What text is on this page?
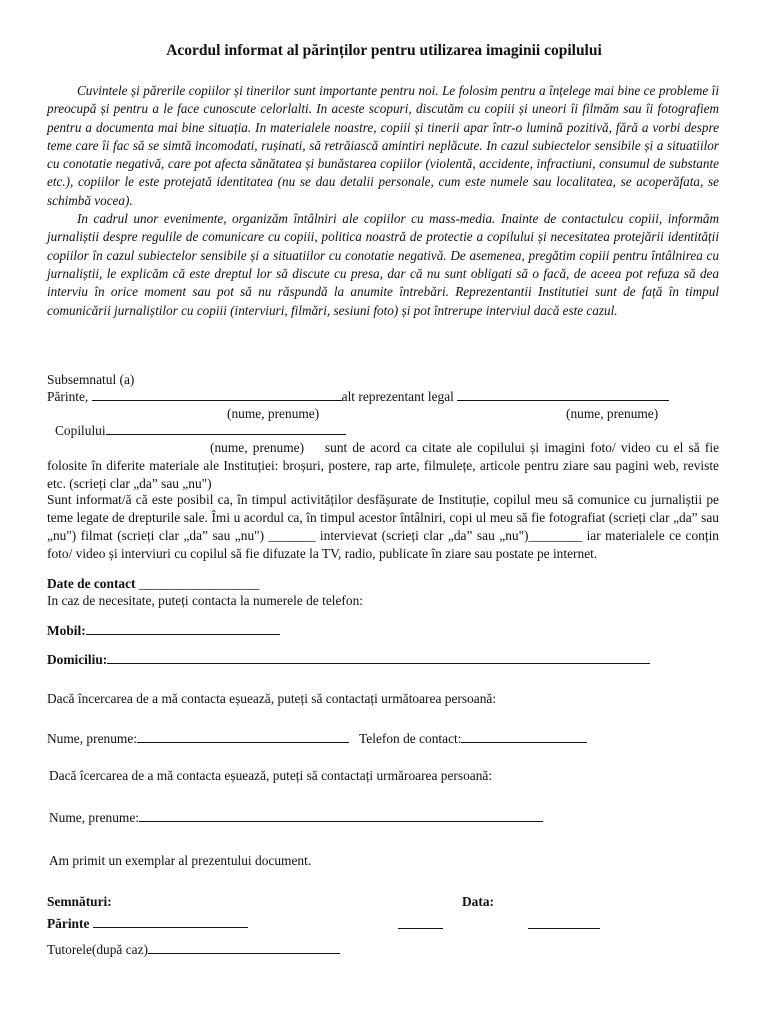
Acordul informat al părinților pentru utilizarea imaginii copilului

Cuvintele și părerile copiilor și tinerilor sunt importante pentru noi. Le folosim pentru a înțelege mai bine ce probleme îi preocupă și pentru a le face cunoscute celorlalti. In aceste scopuri, discutăm cu copiii și uneori îi filmăm sau îi fotografiem pentru a documenta mai bine situația. In materialele noastre, copiii și tinerii apar într-o lumină pozitivă, fără a vorbi despre teme care îi fac să se simtă incomodati, rușinati, să retrăiască amintiri neplăcute. In cazul subiectelor sensibile și a situatiilor cu conotatie negativă, care pot afecta sănătatea și bunăstarea copiilor (violentă, accidente, infractiuni, consumul de substante etc.), copiilor le este protejată identitatea (nu se dau detalii personale, cum este numele sau localitatea, se acoperăfata, se schimbă vocea).

In cadrul unor evenimente, organizăm întâlniri ale copiilor cu mass-media. Inainte de contactulcu copiii, informăm jurnaliștii despre regulile de comunicare cu copiii, politica noastră de protectie a copilului și necesitatea protejării identității copiilor în cazul subiectelor sensibile și a situatiilor cu conotatie negativă. De asemenea, pregătim copiii pentru întâlnirea cu jurnaliștii, le explicăm că este dreptul lor să discute cu presa, dar că nu sunt obligati să o facă, de aceea pot refuza să dea interviu în orice moment sau pot să nu răspundă la anumite întrebări. Reprezentantii Institutiei sunt de față în timpul comunicării jurnaliștilor cu copiii (interviuri, filmări, sesiuni foto) și pot întrerupe interviul dacă este cazul.

Subsemnatul (a)
Părinte,	alt reprezentant legal
(nume, prenume)	(nume, prenume)
Copilului
(nume, prenume) sunt de acord ca citate ale copilului și imagini foto/ video cu el să fie folosite în diferite materiale ale Instituției: broșuri, postere, rap arte, filmulețe, articole pentru ziare sau pagini web, reviste etc. (scrieți clar „da” sau „nu")
Sunt informat/ă că este posibil ca, în timpul activităților desfășurate de Instituție, copilul meu să comunice cu jurnaliștii pe teme legate de drepturile sale. Îmi u acordul ca, în timpul acestor întâlniri, copi ul meu să fie fotografiat (scrieți clar „da” sau „nu") filmat (scrieți clar „da” sau „nu") _______ intervievat (scrieți clar „da” sau „nu")________ iar materialele ce conțin foto/ video și interviuri cu copilul să fie difuzate la TV, radio, publicate în ziare sau postate pe internet.
Date de contact __________________
In caz de necesitate, puteți contacta la numerele de telefon:
Mobil:
Domiciliu:
Dacă încercarea de a mă contacta eșuează, puteți să contactați următoarea persoană:
Nume, prenume:	Telefon de contact:
Dacă îcercarea de a mă contacta eșuează, puteți să contactați urmăroarea persoană:
Nume, prenume:
Am primit un exemplar al prezentului document.
Semnături:	Data:
Părinte
Tutorele(după caz)
